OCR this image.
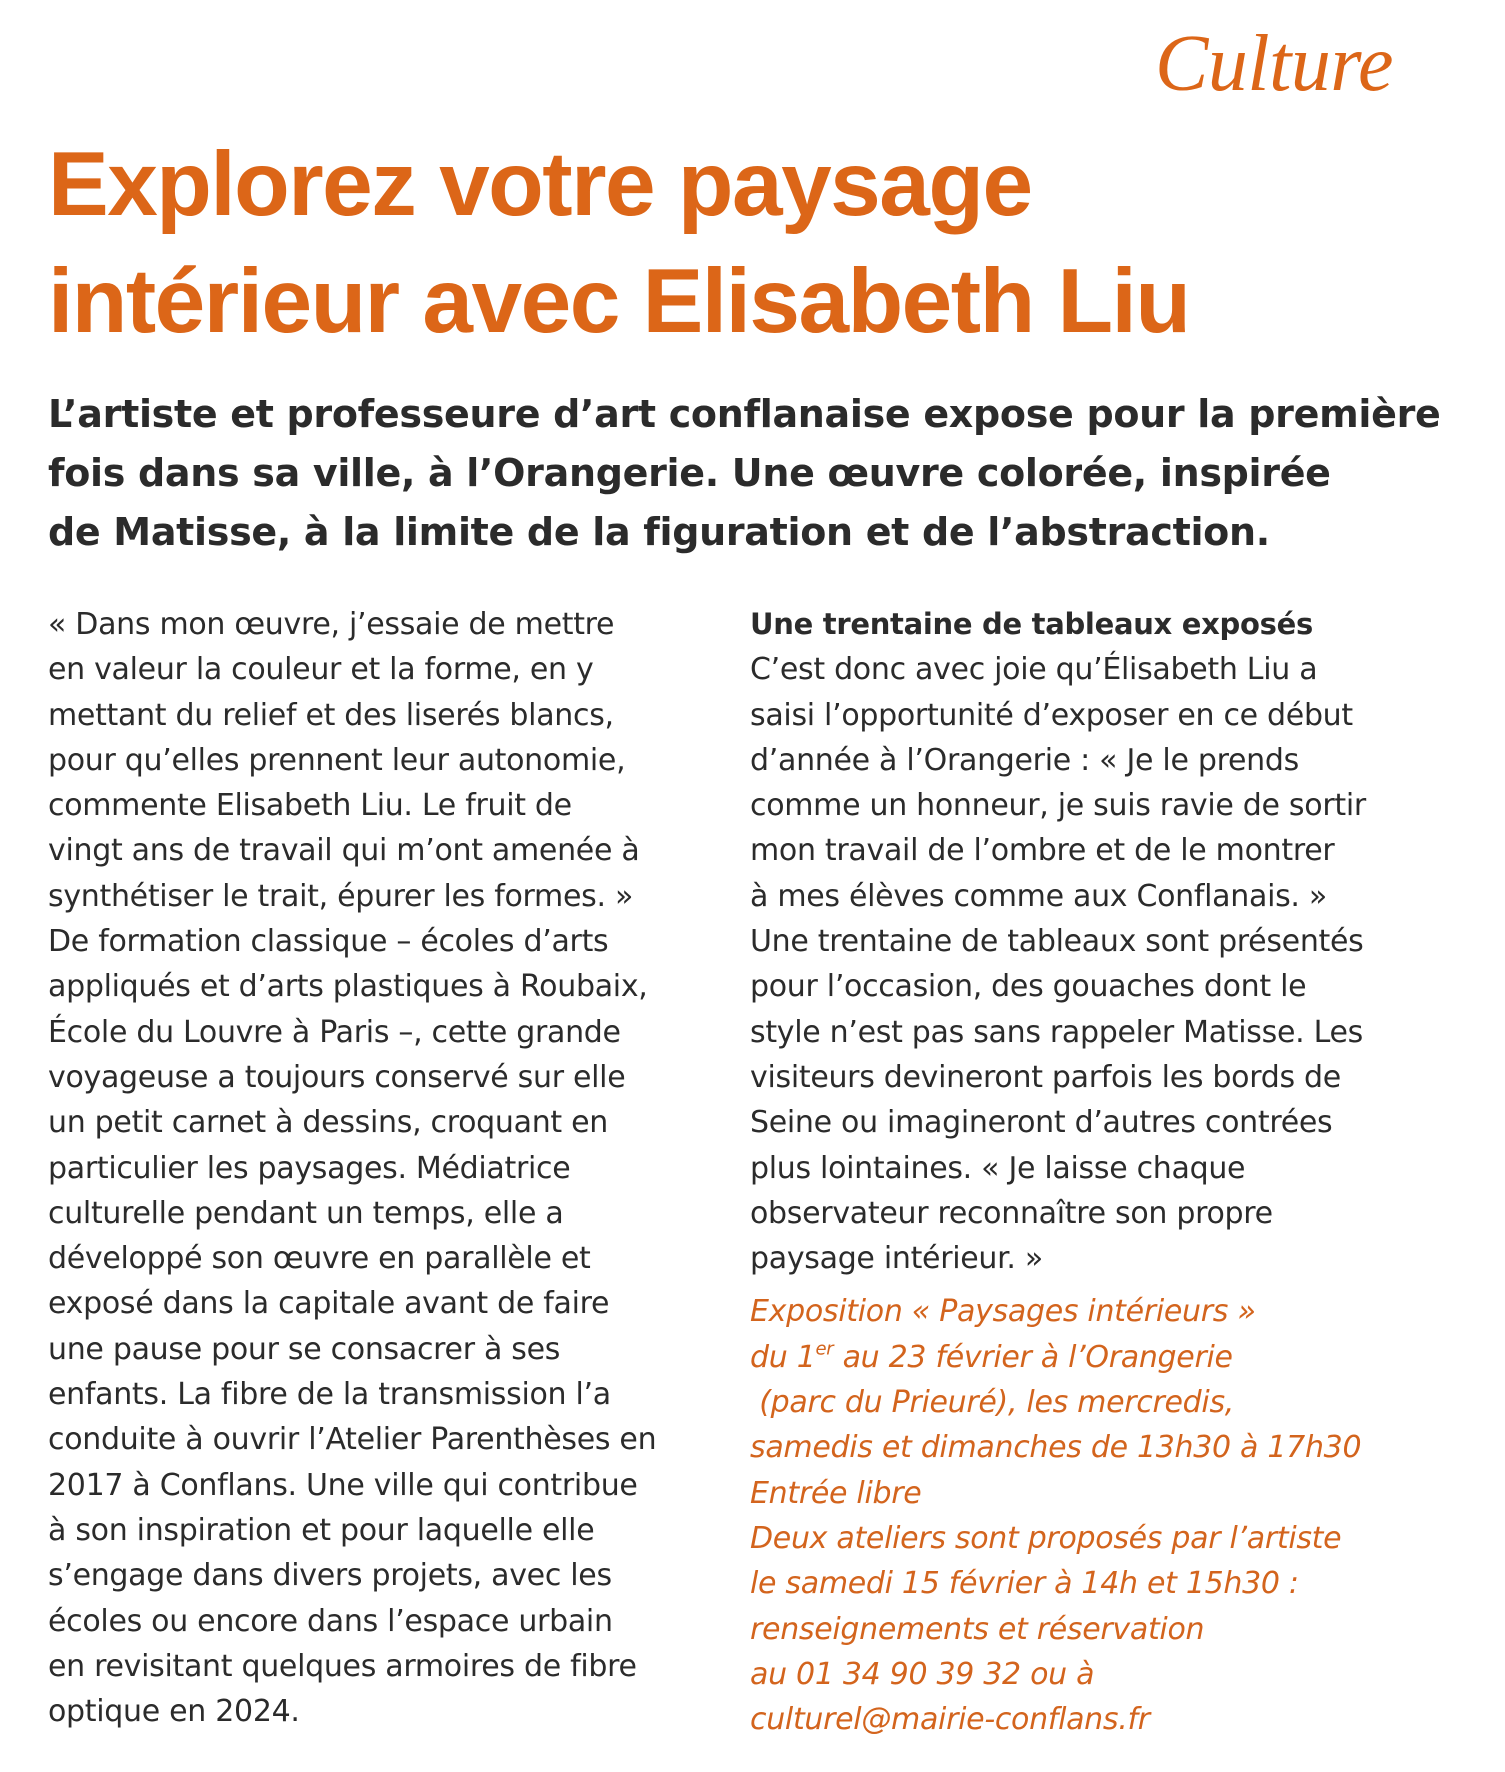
Culture
Explorez votre paysage
intérieur avec Elisabeth Liu
L’artiste et professeure d’art conflanaise expose pour la première
fois dans sa ville, à l’Orangerie. Une œuvre colorée, inspirée
de Matisse, à la limite de la figuration et de l’abstraction.
« Dans mon œuvre, j’essaie de mettre
en valeur la couleur et la forme, en y
mettant du relief et des liserés blancs,
pour qu’elles prennent leur autonomie,
commente Elisabeth Liu. Le fruit de
vingt ans de travail qui m’ont amenée à
synthétiser le trait, épurer les formes. »
De formation classique – écoles d’arts
appliqués et d’arts plastiques à Roubaix,
École du Louvre à Paris –, cette grande
voyageuse a toujours conservé sur elle
un petit carnet à dessins, croquant en
particulier les paysages. Médiatrice
culturelle pendant un temps, elle a
développé son œuvre en parallèle et
exposé dans la capitale avant de faire
une pause pour se consacrer à ses
enfants. La fibre de la transmission l’a
conduite à ouvrir l’Atelier Parenthèses en
2017 à Conflans. Une ville qui contribue
à son inspiration et pour laquelle elle
s’engage dans divers projets, avec les
écoles ou encore dans l’espace urbain
en revisitant quelques armoires de fibre
optique en 2024.
Une trentaine de tableaux exposés
C’est donc avec joie qu’Élisabeth Liu a
saisi l’opportunité d’exposer en ce début
d’année à l’Orangerie : « Je le prends
comme un honneur, je suis ravie de sortir
mon travail de l’ombre et de le montrer
à mes élèves comme aux Conflanais. »
Une trentaine de tableaux sont présentés
pour l’occasion, des gouaches dont le
style n’est pas sans rappeler Matisse. Les
visiteurs devineront parfois les bords de
Seine ou imagineront d’autres contrées
plus lointaines. « Je laisse chaque
observateur reconnaître son propre
paysage intérieur. »
Exposition « Paysages intérieurs »
du 1er au 23 février à l’Orangerie
(parc du Prieuré), les mercredis,
samedis et dimanches de 13h30 à 17h30
Entrée libre
Deux ateliers sont proposés par l’artiste
le samedi 15 février à 14h et 15h30 :
renseignements et réservation
au 01 34 90 39 32 ou à
culturel@mairie-conflans.fr
